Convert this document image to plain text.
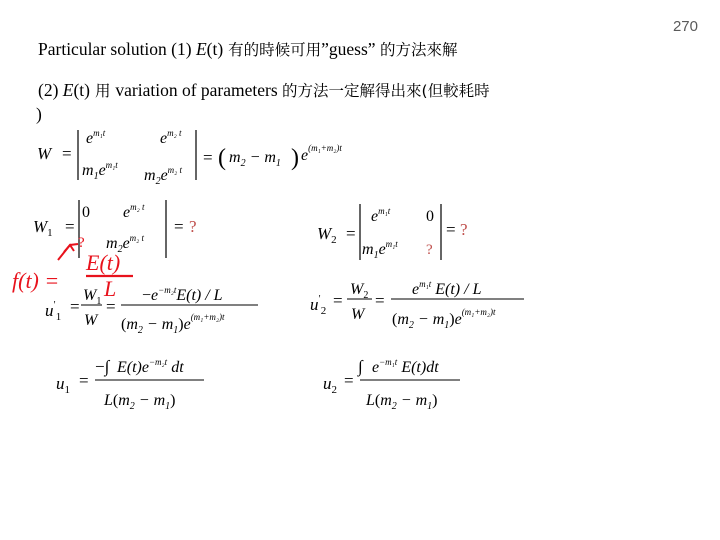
270
Particular solution (1) E(t) 有的時候可用”guess” 的方法來解
(2) E(t) 用 variation of parameters 的方法一定解得出來(但較耗時
)
W =
$e^{m_1t}$	$e^{m_2 t}$
$m_1e^{m_1t}$
$m_2e^{m_2 t}$
= ( $m_2 - m_1$ ) $e^{(m_1+m_2)t}$
$W_1$ =
0 $e^{m_2 t}$
$m_2e^{m_2 t}$
= ?	$W_2$ =
$e^{m_1t}$ 0
$m_1e^{m_1t}$ ?
= ?
$u'_1$
=
$W_1$
W
=
$-e^{-m_2t}E(t) / L$
$(m_2 - m_1)e^{(m_1+m_2)t}$
$u'_2$
=
$W_2$
W
=
$e^{m_1t}$ E(t) / L
$(m_2 - m_1)e^{(m_1+m_2)t}$
$u_1$ =
−∫ $E(t)e^{-m_2t}$ dt
$L(m_2 - m_1)$
$u_2$ =
∫ $e^{-m_1t}$ E(t)dt
$L(m_2 - m_1)$
?
f(t) =
E(t)
L
